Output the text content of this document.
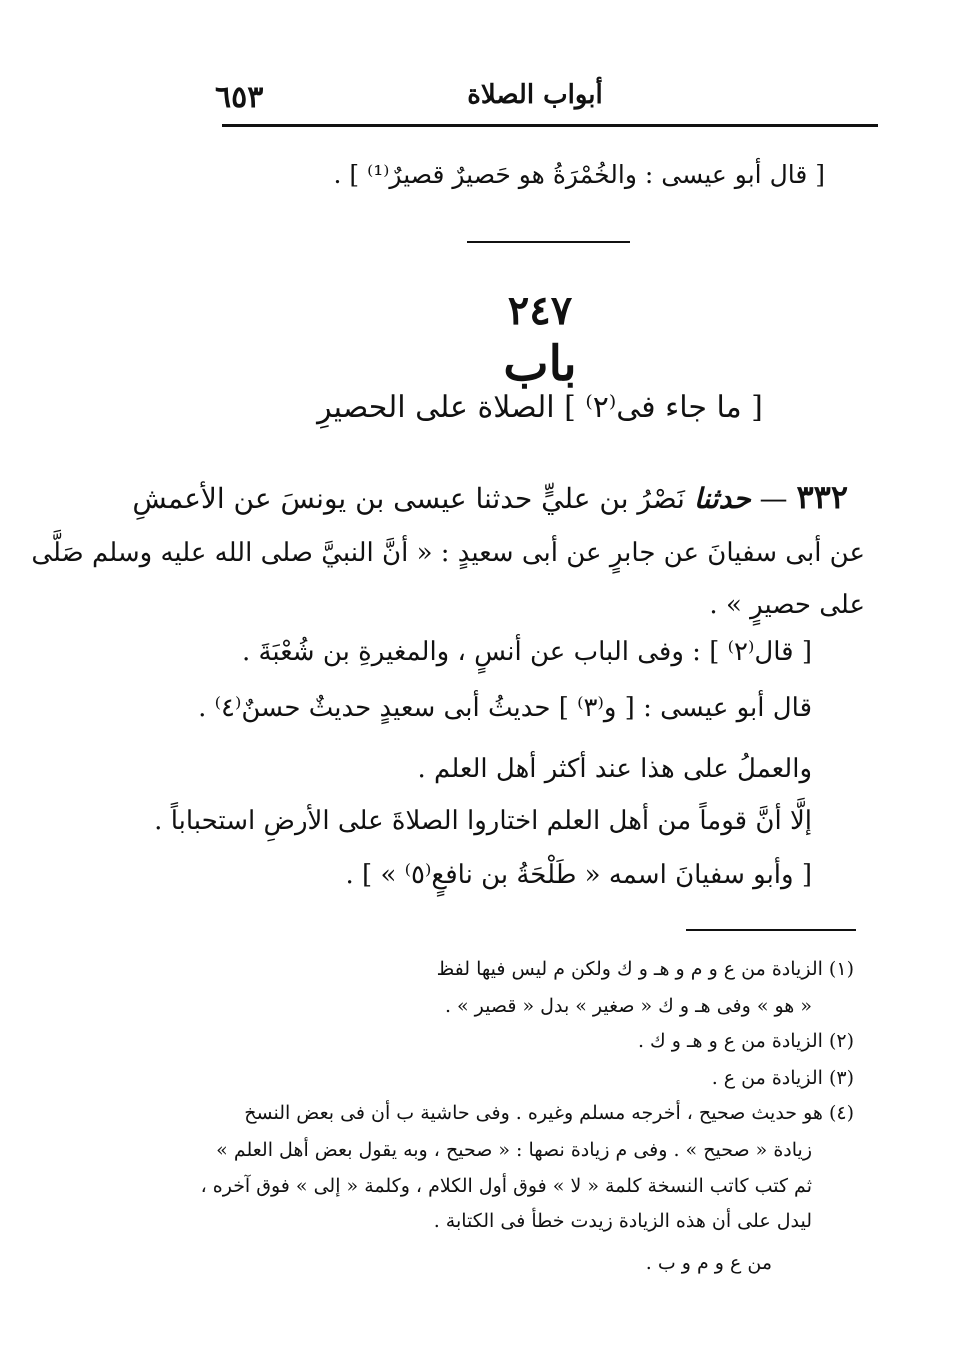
٦٥٣	أبواب الصلاة
[ قال أبو عيسى : والخُمْرَةُ هو حَصيرٌ قصيرٌ⁽¹⁾ ] .
٢٤٧
باب
[ ما جاء فى⁽٢⁾ ] الصلاة على الحصيرِ
٣٣٢ — حدثنا نَصْرُ بن عليٍّ حدثنا عيسى بن يونسَ عن الأعمشِ
عن أبى سفيانَ عن جابرٍ عن أبى سعيدٍ : « أنَّ النبيَّ صلى الله عليه وسلم صَلَّى
على حصيرٍ » .
[ قال⁽٢⁾ ] : وفى الباب عن أنسٍ ، والمغيرةِ بن شُعْبَةَ .
قال أبو عيسى : [ و⁽٣⁾ ] حديثُ أبى سعيدٍ حديثٌ حسنٌ⁽٤⁾ .
والعملُ على هذا عند أكثر أهل العلم .
إلَّا أنَّ قوماً من أهل العلم اختاروا الصلاةَ على الأرضِ استحباباً .
[ وأبو سفيانَ اسمه « طَلْحَةُ بن نافعٍ⁽٥⁾ » ] .
(١) الزيادة من ع و م و هـ و ك ولكن م ليس فيها لفظ
« هو » وفى هـ و ك « صغير » بدل « قصير » .
(٢) الزيادة من ع و هـ و ك .
(٣) الزيادة من ع .
(٤) هو حديث صحيح ، أخرجه مسلم وغيره . وفى حاشية ب أن فى بعض النسخ
زيادة « صحيح » . وفى م زيادة نصها : « صحيح ، وبه يقول بعض أهل العلم »
ثم كتب كاتب النسخة كلمة « لا » فوق أول الكلام ، وكلمة « إلى » فوق آخره ،
ليدل على أن هذه الزيادة زيدت خطأ فى الكتابة .
من ع و م و ب .
